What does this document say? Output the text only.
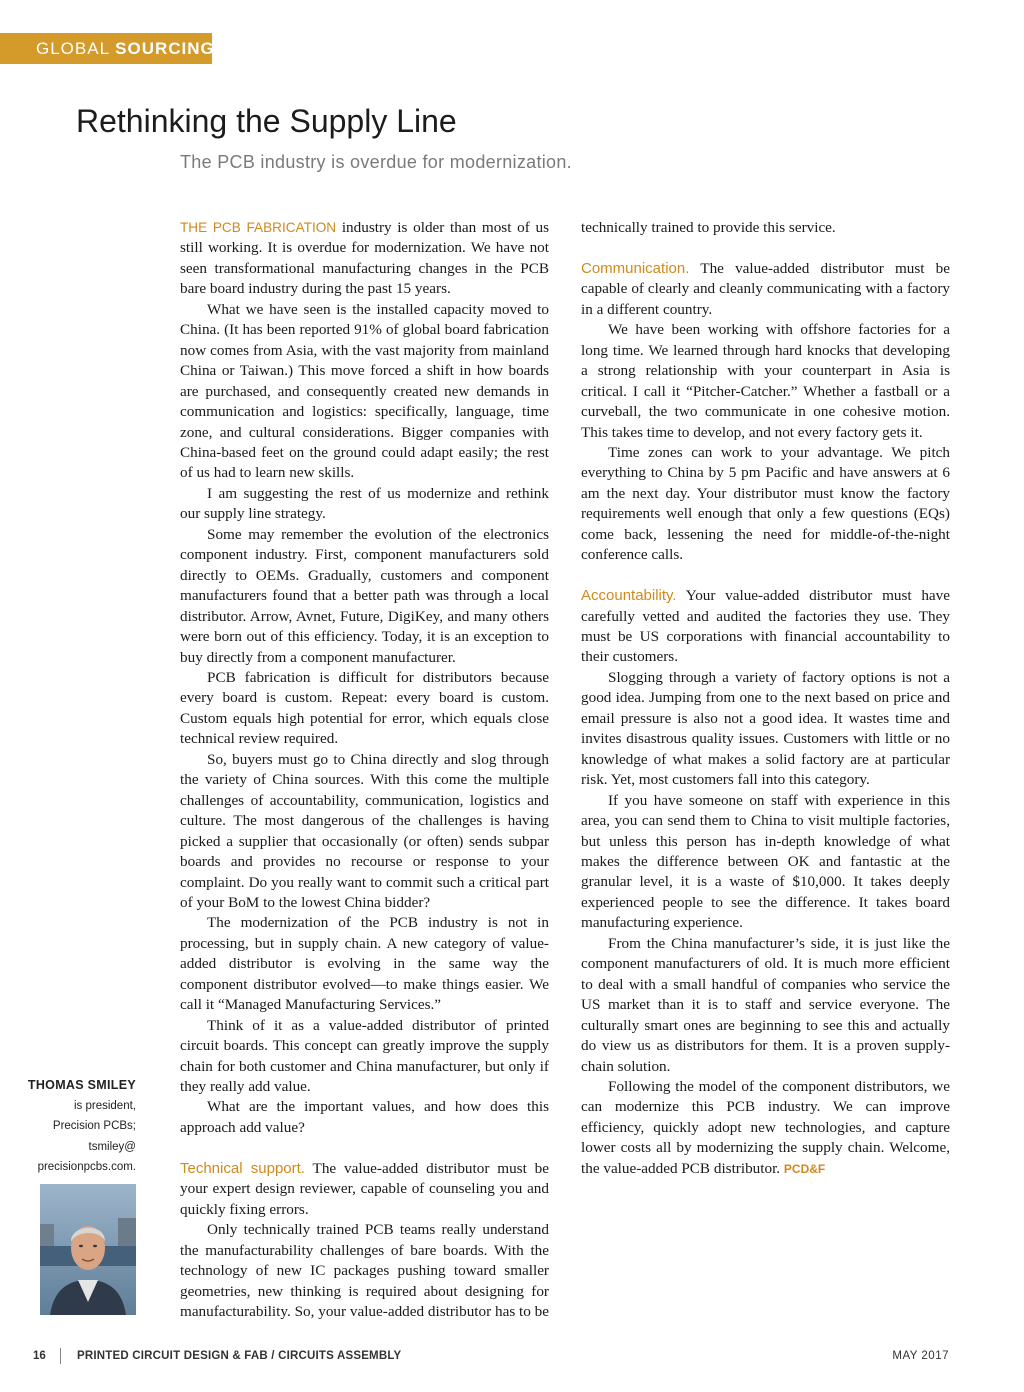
GLOBAL SOURCING
Rethinking the Supply Line
The PCB industry is overdue for modernization.

THE PCB FABRICATION industry is older than most of us still working. It is overdue for modernization. We have not seen transformational manufacturing changes in the PCB bare board industry during the past 15 years.

What we have seen is the installed capacity moved to China. (It has been reported 91% of global board fabrication now comes from Asia, with the vast majority from mainland China or Taiwan.) This move forced a shift in how boards are purchased, and consequently created new demands in communication and logistics: specifically, language, time zone, and cultural considerations. Bigger companies with China-based feet on the ground could adapt easily; the rest of us had to learn new skills.

I am suggesting the rest of us modernize and rethink our supply line strategy.

Some may remember the evolution of the electronics component industry. First, component manufacturers sold directly to OEMs. Gradually, customers and component manufacturers found that a better path was through a local distributor. Arrow, Avnet, Future, DigiKey, and many others were born out of this efficiency. Today, it is an exception to buy directly from a component manufacturer.

PCB fabrication is difficult for distributors because every board is custom. Repeat: every board is custom. Custom equals high potential for error, which equals close technical review required.

So, buyers must go to China directly and slog through the variety of China sources. With this come the multiple challenges of accountability, communication, logistics and culture. The most dangerous of the challenges is having picked a supplier that occasionally (or often) sends subpar boards and provides no recourse or response to your complaint. Do you really want to commit such a critical part of your BoM to the lowest China bidder?

The modernization of the PCB industry is not in processing, but in supply chain. A new category of value-added distributor is evolving in the same way the component distributor evolved—to make things easier. We call it “Managed Manufacturing Services.”

Think of it as a value-added distributor of printed circuit boards. This concept can greatly improve the supply chain for both customer and China manufacturer, but only if they really add value.

What are the important values, and how does this approach add value?

Technical support. The value-added distributor must be your expert design reviewer, capable of counseling you and quickly fixing errors.

Only technically trained PCB teams really understand the manufacturability challenges of bare boards. With the technology of new IC packages pushing toward smaller geometries, new thinking is required about designing for manufacturability. So, your value-added distributor has to be

THOMAS SMILEY
is president,
Precision PCBs;
tsmiley@
precisionpcbs.com.
16	PRINTED CIRCUIT DESIGN & FAB / CIRCUITS ASSEMBLY	MAY 2017

technically trained to provide this service.

Communication. The value-added distributor must be capable of clearly and cleanly communicating with a factory in a different country.

We have been working with offshore factories for a long time. We learned through hard knocks that developing a strong relationship with your counterpart in Asia is critical. I call it “Pitcher-Catcher.” Whether a fastball or a curveball, the two communicate in one cohesive motion. This takes time to develop, and not every factory gets it.

Time zones can work to your advantage. We pitch everything to China by 5 pm Pacific and have answers at 6 am the next day. Your distributor must know the factory requirements well enough that only a few questions (EQs) come back, lessening the need for middle-of-the-night conference calls.

Accountability. Your value-added distributor must have carefully vetted and audited the factories they use. They must be US corporations with financial accountability to their customers.

Slogging through a variety of factory options is not a good idea. Jumping from one to the next based on price and email pressure is also not a good idea. It wastes time and invites disastrous quality issues. Customers with little or no knowledge of what makes a solid factory are at particular risk. Yet, most customers fall into this category.

If you have someone on staff with experience in this area, you can send them to China to visit multiple factories, but unless this person has in-depth knowledge of what makes the difference between OK and fantastic at the granular level, it is a waste of $10,000. It takes deeply experienced people to see the difference. It takes board manufacturing experience.

From the China manufacturer’s side, it is just like the component manufacturers of old. It is much more efficient to deal with a small handful of companies who service the US market than it is to staff and service everyone. The culturally smart ones are beginning to see this and actually do view us as distributors for them. It is a proven supply-chain solution.

Following the model of the component distributors, we can modernize this PCB industry. We can improve efficiency, quickly adopt new technologies, and capture lower costs all by modernizing the supply chain. Welcome, the value-added PCB distributor. PCD&F
